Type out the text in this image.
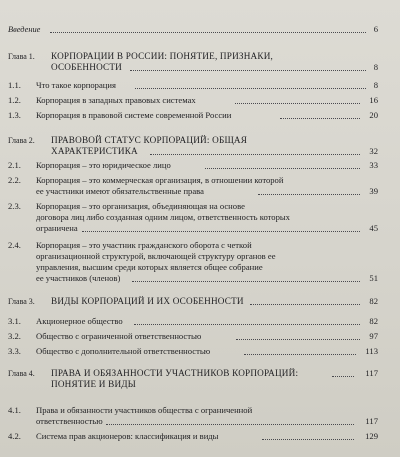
Введение	6
Глава 1. КОРПОРАЦИИ В РОССИИ: ПОНЯТИЕ, ПРИЗНАКИ,
ОСОБЕННОСТИ	8
1.1. Что такое корпорация	8
1.2. Корпорация в западных правовых системах	16
1.3. Корпорация в правовой системе современной России	20
Глава 2. ПРАВОВОЙ СТАТУС КОРПОРАЦИЙ: ОБЩАЯ
ХАРАКТЕРИСТИКА	32
2.1. Корпорация – это юридическое лицо	33
2.2. Корпорация – это коммерческая организация, в отношении которой
ее участники имеют обязательственные права	39
2.3. Корпорация – это организация, объединяющая на основе
договора лиц либо созданная одним лицом, ответственность которых
ограничена	45
2.4. Корпорация – это участник гражданского оборота с четкой
организационной структурой, включающей структуру органов ее
управления, высшим среди которых является общее собрание
ее участников (членов)	51
Глава 3. ВИДЫ КОРПОРАЦИЙ И ИХ ОСОБЕННОСТИ	82
3.1. Акционерное общество	82
3.2. Общество с ограниченной ответственностью	97
3.3. Общество с дополнительной ответственностью	113
Глава 4. ПРАВА И ОБЯЗАННОСТИ УЧАСТНИКОВ КОРПОРАЦИЙ:
ПОНЯТИЕ И ВИДЫ
117
4.1. Права и обязанности участников общества с ограниченной
ответственностью	117
4.2. Система прав акционеров: классификация и виды	129
